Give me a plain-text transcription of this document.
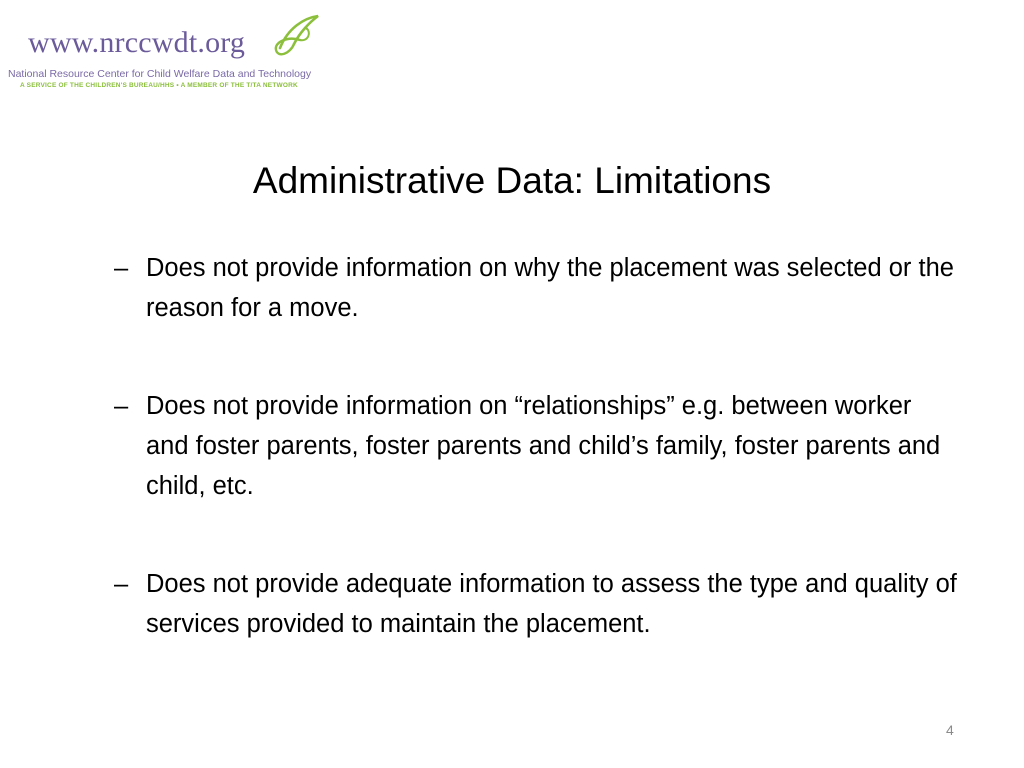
www.nrccwdt.org
National Resource Center for Child Welfare Data and Technology
A SERVICE OF THE CHILDREN'S BUREAU/HHS • A MEMBER OF THE T/TA NETWORK
Administrative Data: Limitations
– Does not provide information on why the placement was selected or the reason for a move.
– Does not provide information on “relationships” e.g. between worker and foster parents, foster parents and child’s family, foster parents and child, etc.
– Does not provide adequate information to assess the type and quality of services provided to maintain the placement.
4
